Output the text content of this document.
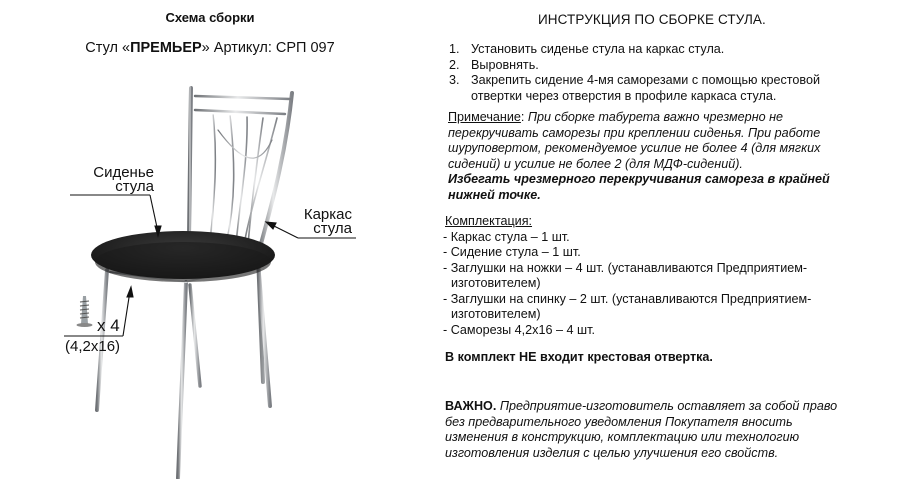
Схема сборки
Стул «ПРЕМЬЕР» Артикул: СРП 097
Сиденье
стула
Каркас
стула
x 4
(4,2x16)
ИНСТРУКЦИЯ ПО СБОРКЕ СТУЛА.
1. Установить сиденье стула на каркас стула.
2. Выровнять.
3. Закрепить сидение 4-мя саморезами с помощью крестовой
отвертки через отверстия в профиле каркаса стула.
Примечание: При сборке табурета важно чрезмерно не
перекручивать саморезы при креплении сиденья. При работе
шуруповертом, рекомендуемое усилие не более 4 (для мягких
сидений) и усилие не более 2 (для МДФ-сидений).
Избегать чрезмерного перекручивания самореза в крайней
нижней точке.
Комплектация:
- Каркас стула – 1 шт.
- Сидение стула – 1 шт.
- Заглушки на ножки – 4 шт. (устанавливаются Предприятием-
изготовителем)
- Заглушки на спинку – 2 шт. (устанавливаются Предприятием-
изготовителем)
- Саморезы 4,2х16 – 4 шт.
В комплект НЕ входит крестовая отвертка.
ВАЖНО. Предприятие-изготовитель оставляет за собой право
без предварительного уведомления Покупателя вносить
изменения в конструкцию, комплектацию или технологию
изготовления изделия с целью улучшения его свойств.
